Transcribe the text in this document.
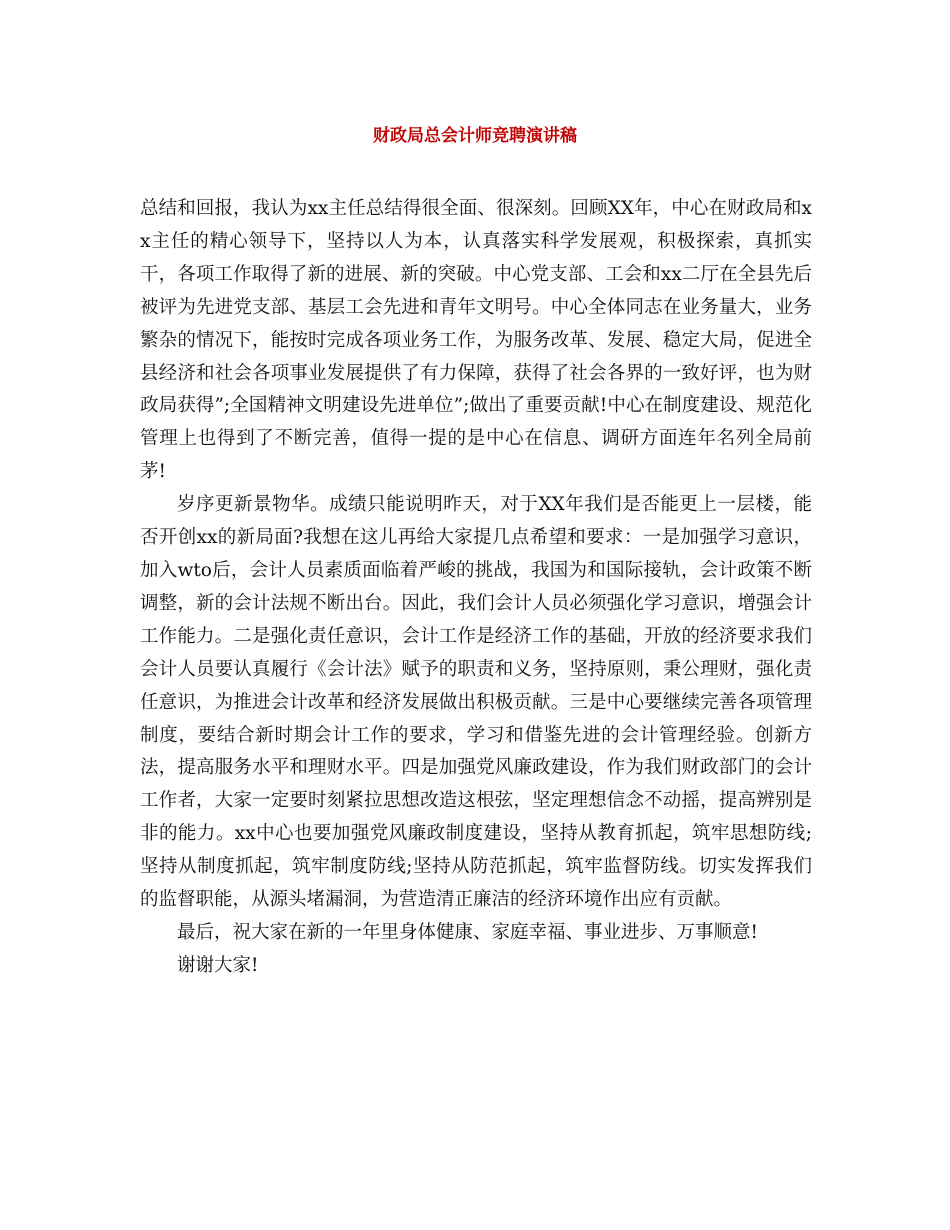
财政局总会计师竞聘演讲稿

总结和回报，我认为xx主任总结得很全面、很深刻。回顾XX年，中心在财政局和xx主任的精心领导下，坚持以人为本，认真落实科学发展观，积极探索，真抓实干，各项工作取得了新的进展、新的突破。中心党支部、工会和xx二厅在全县先后被评为先进党支部、基层工会先进和青年文明号。中心全体同志在业务量大，业务繁杂的情况下，能按时完成各项业务工作，为服务改革、发展、稳定大局，促进全县经济和社会各项事业发展提供了有力保障，获得了社会各界的一致好评，也为财政局获得”;全国精神文明建设先进单位”;做出了重要贡献!中心在制度建设、规范化管理上也得到了不断完善，值得一提的是中心在信息、调研方面连年名列全局前茅!

岁序更新景物华。成绩只能说明昨天，对于XX年我们是否能更上一层楼，能否开创xx的新局面?我想在这儿再给大家提几点希望和要求：一是加强学习意识，加入wto后，会计人员素质面临着严峻的挑战，我国为和国际接轨，会计政策不断调整，新的会计法规不断出台。因此，我们会计人员必须强化学习意识，增强会计工作能力。二是强化责任意识，会计工作是经济工作的基础，开放的经济要求我们会计人员要认真履行《会计法》赋予的职责和义务，坚持原则，秉公理财，强化责任意识，为推进会计改革和经济发展做出积极贡献。三是中心要继续完善各项管理制度，要结合新时期会计工作的要求，学习和借鉴先进的会计管理经验。创新方法，提高服务水平和理财水平。四是加强党风廉政建设，作为我们财政部门的会计工作者，大家一定要时刻紧拉思想改造这根弦，坚定理想信念不动摇，提高辨别是非的能力。xx中心也要加强党风廉政制度建设，坚持从教育抓起，筑牢思想防线;坚持从制度抓起，筑牢制度防线;坚持从防范抓起，筑牢监督防线。切实发挥我们的监督职能，从源头堵漏洞，为营造清正廉洁的经济环境作出应有贡献。

最后，祝大家在新的一年里身体健康、家庭幸福、事业进步、万事顺意!

谢谢大家!
